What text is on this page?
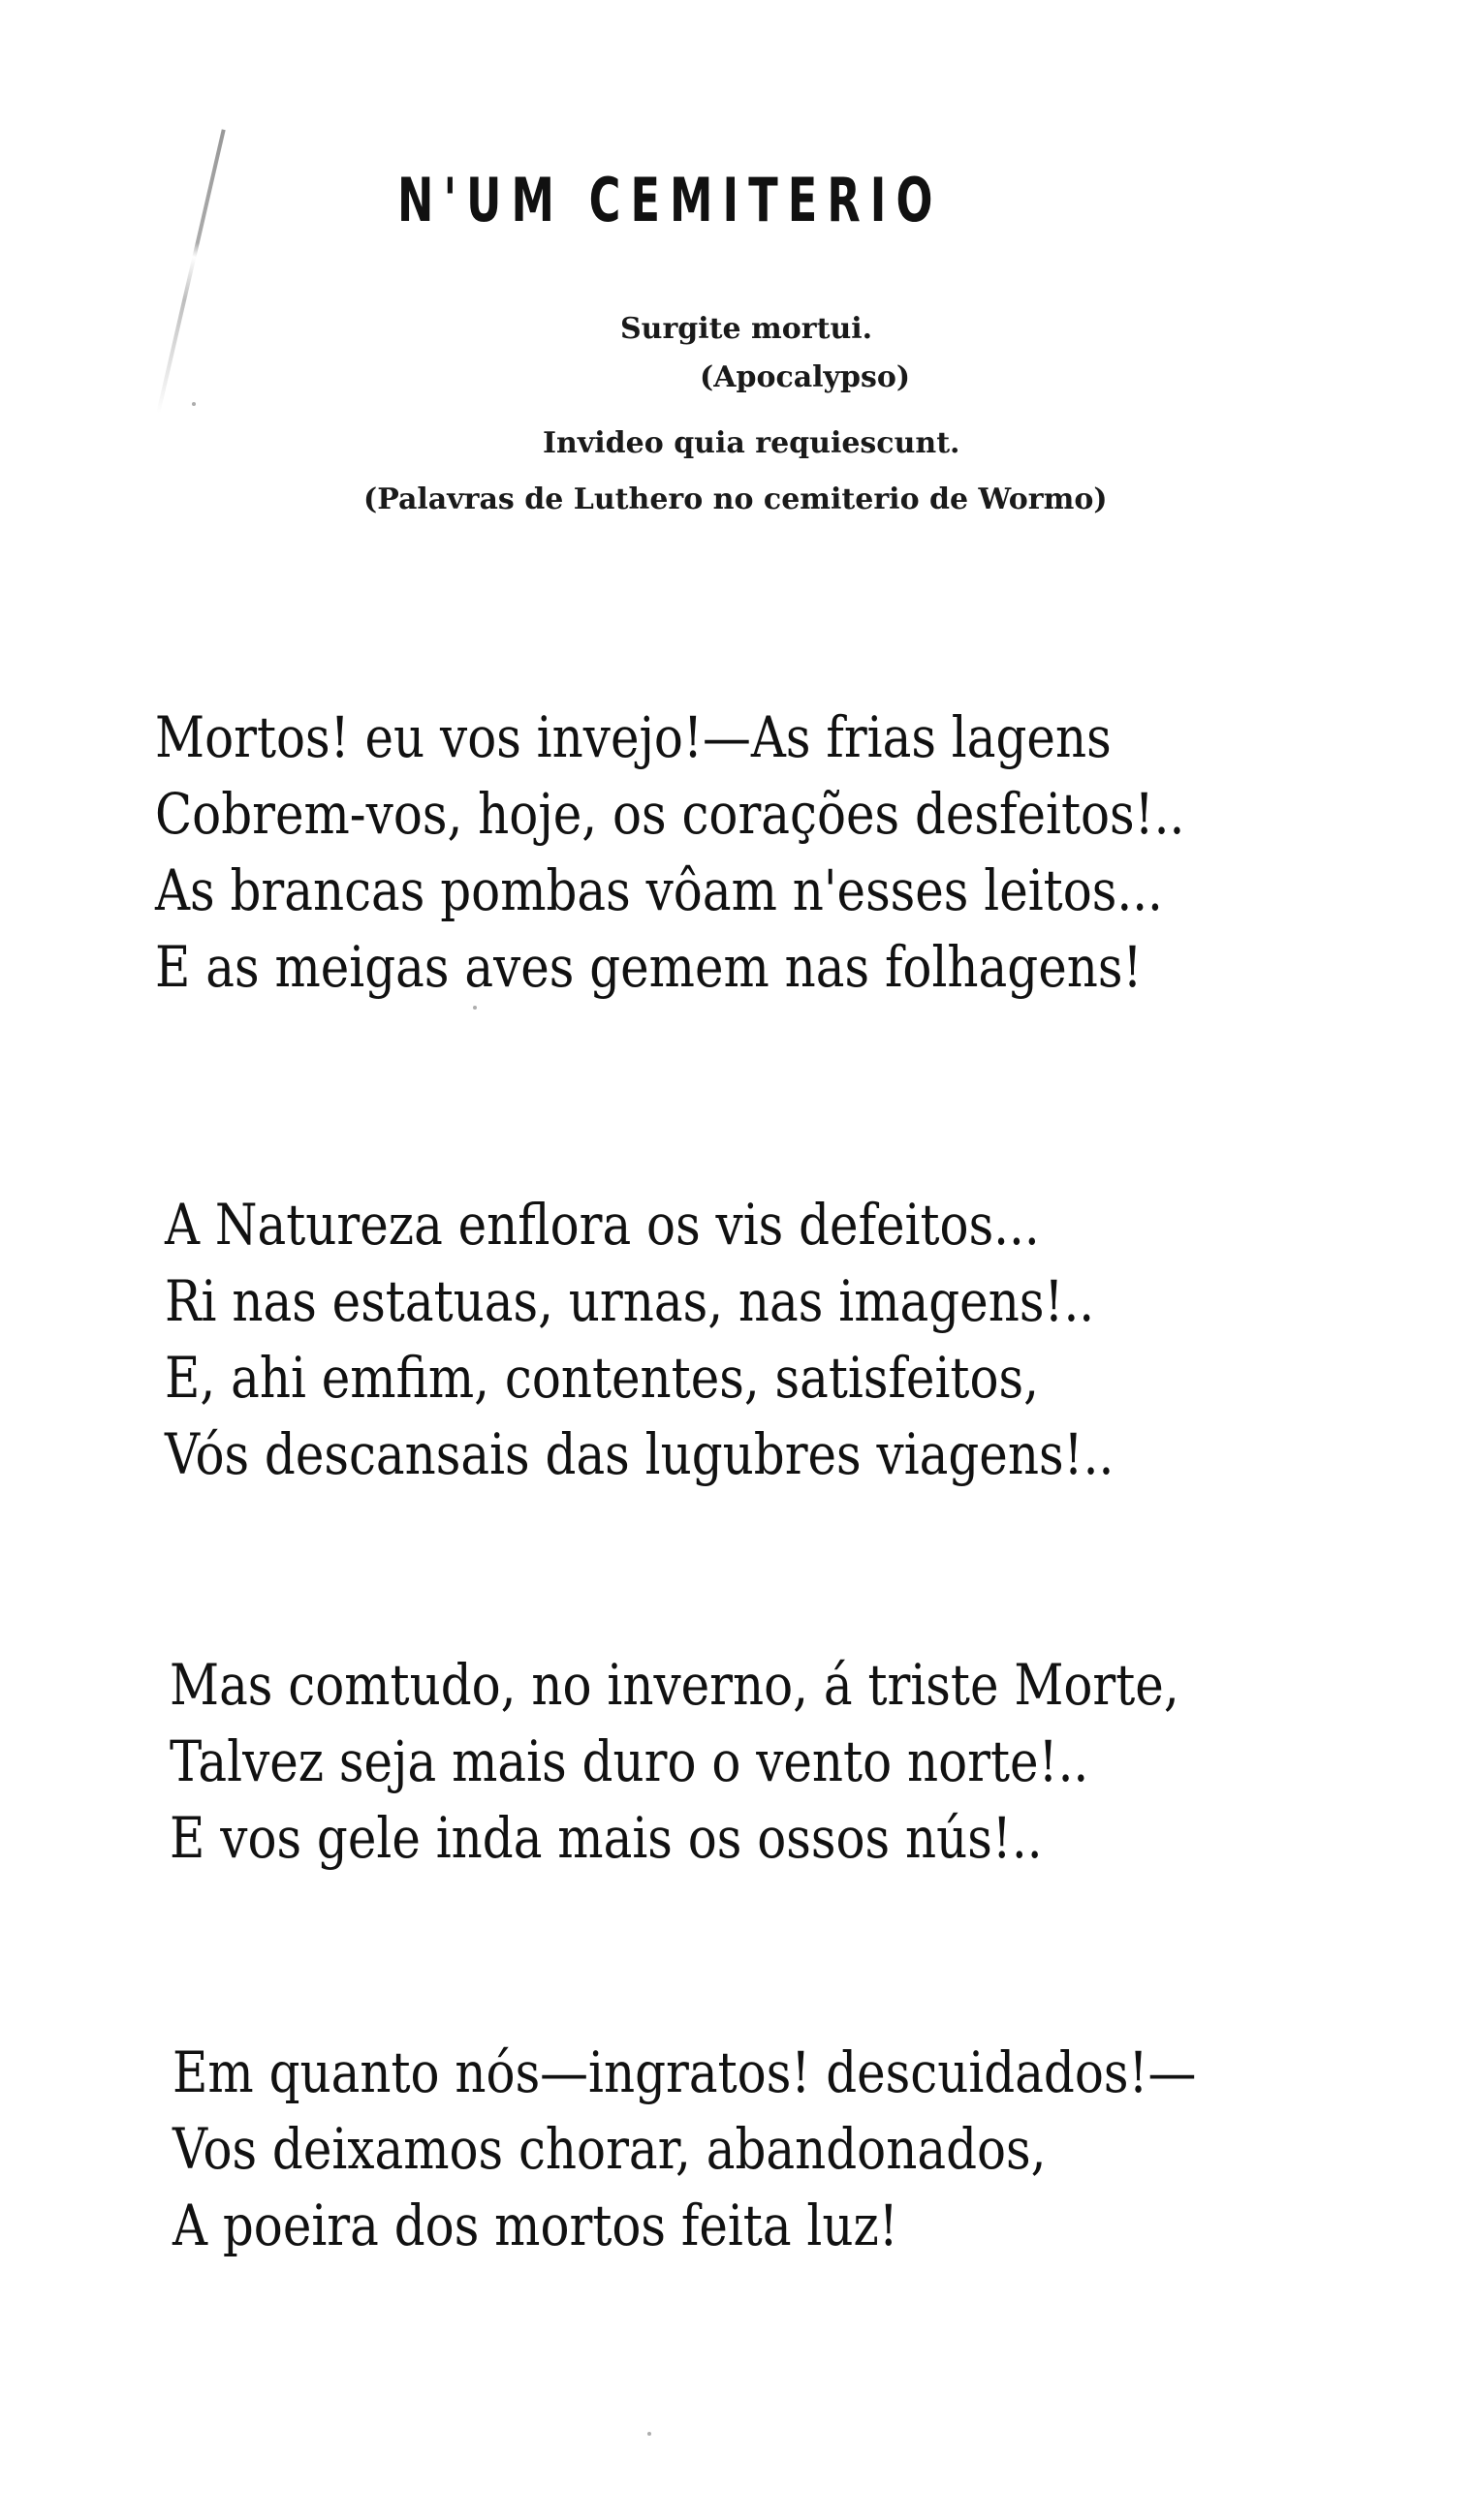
N'UM CEMITERIO
Surgite mortui.
(Apocalypso)
Invideo quia requiescunt.
(Palavras de Luthero no cemiterio de Wormo)
Mortos! eu vos invejo!—As frias lagens
Cobrem-vos, hoje, os corações desfeitos!..
As brancas pombas vôam n'esses leitos...
E as meigas aves gemem nas folhagens!
A Natureza enflora os vis defeitos...
Ri nas estatuas, urnas, nas imagens!..
E, ahi emfim, contentes, satisfeitos,
Vós descansais das lugubres viagens!..
Mas comtudo, no inverno, á triste Morte,
Talvez seja mais duro o vento norte!..
E vos gele inda mais os ossos nús!..
Em quanto nós—ingratos! descuidados!—
Vos deixamos chorar, abandonados,
A poeira dos mortos feita luz!
